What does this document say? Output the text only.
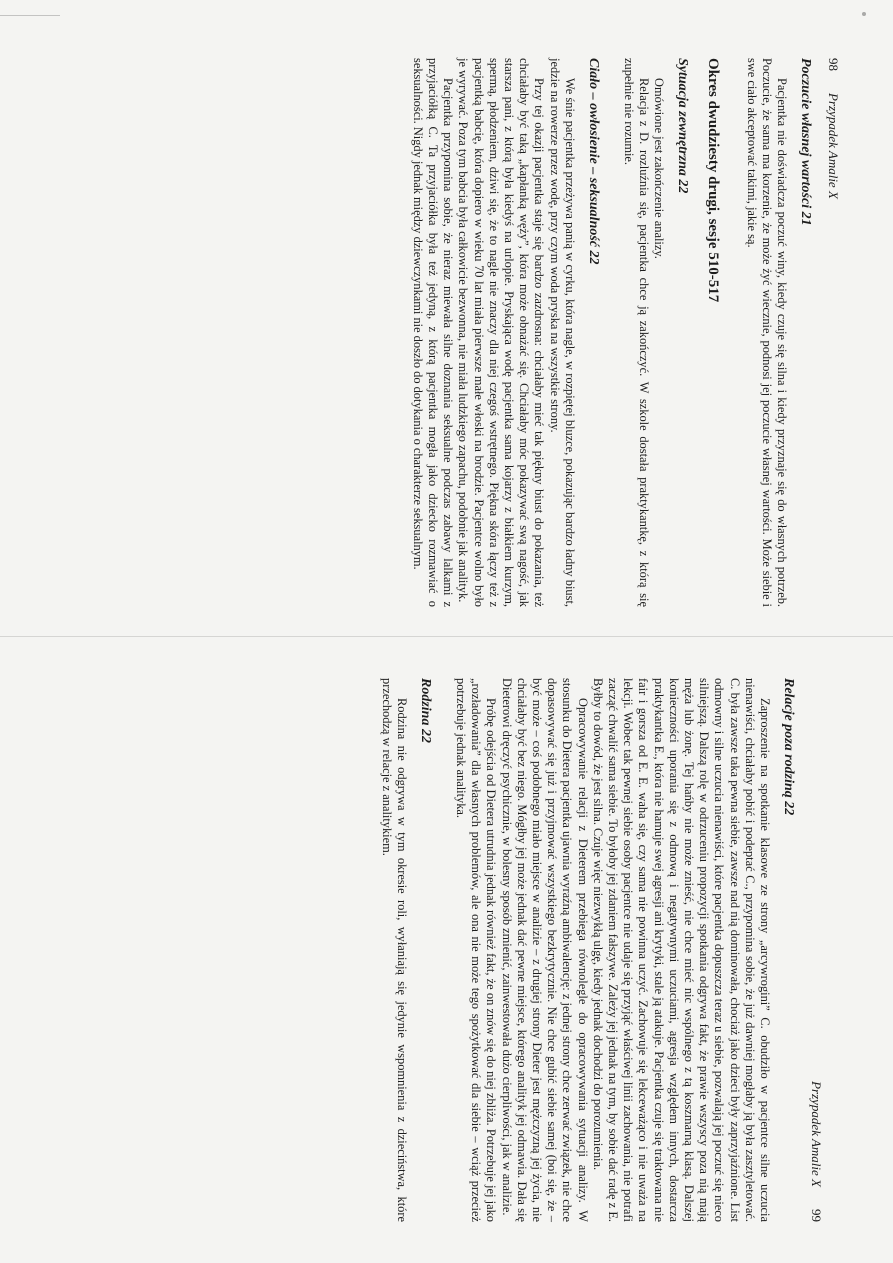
98
Przypadek Amalie X
Poczucie własnej wartości 21

Pacjentka nie doświadcza poczuć winy, kiedy czuje się silna i kiedy przyznaje się do własnych potrzeb. Poczucie, że sama ma korzenie, że może żyć wiecznie, podnosi jej poczucie własnej wartości. Może siebie i swe ciało akceptować takimi, jakie są.

Okres dwudziesty drugi, sesje 510-517
Sytuacja zewnętrzna 22

Omówione jest zakończenie analizy.

Relacja z D. rozluźnia się, pacjentka chce ją zakończyć. W szkole dostała praktykantkę, z którą się zupełnie nie rozumie.

Ciało – owłosienie – seksualność 22

We śnie pacjentka przeżywa panią w cyrku, która nagle, w rozpiętej bluzce, pokazując bardzo ładny biust, jedzie na rowerze przez wodę, przy czym woda pryska na wszystkie strony.

Przy tej okazji pacjentka staje się bardzo zazdrosna: chciałaby mieć tak piękny biust do pokazania, też chciałaby być taką „kapłanką węży”, która może obnażać się. Chciałaby móc pokazywać swą nagość, jak starsza pani, z którą była kiedyś na urlopie. Pryskająca wodę pacjentka sama kojarzy z białkiem kurzym, spermą, płodzeniem, dziwi się, że to nagle nie znaczy dla niej czegoś wstrętnego. Piękna skóra łączy też z pacjentką babcię, która dopiero w wieku 70 lat miała pierwsze małe włoski na brodzie. Pacjentce wolno było je wyrywać. Poza tym babcia była całkowicie bezwonna, nie miała ludzkiego zapachu, podobnie jak analityk.

Pacjentka przypomina sobie, że nieraz miewała silne doznania seksualne podczas zabawy lalkami z przyjaciółką C. Ta przyjaciółka była też jedyną, z którą pacjentka mogła jako dziecko rozmawiać o seksualności. Nigdy jednak między dziewczynkami nie doszło do dotykania o charakterze seksualnym.

Przypadek Amalie X
99
Relacje poza rodziną 22

Zaproszenie na spotkanie klasowe ze strony „arcywrogini” C. obudziło w pacjentce silne uczucia nienawiści, chciałaby pobić i podeptać C., przypomina sobie, że już dawniej mogłaby ją była zasztyletować. C. była zawsze taka pewna siebie, zawsze nad nią dominowała, chociaż jako dzieci były zaprzyjaźnione. List odmowny i silne uczucia nienawiści, które pacjentka dopuszcza teraz u siebie, pozwalają jej poczuć się nieco silniejszą. Dalszą rolę w odrzuceniu propozycji spotkania odgrywa fakt, że prawie wszyscy poza nią mają męża lub żonę. Tej hańby nie może znieść, nie chce mieć nic wspólnego z tą koszmarną klasą. Dalszej konieczności uporania się z odmową i negatywnymi uczuciami, agresja względem innych, dostarcza praktykantka E., która nie hamuje swej agresji ani krytyki, stale ją atakuje. Pacjentka czuje się traktowana nie fair i gorsza od E. E. waha się, czy sama nie powinna uczyć. Zachowuje się lekceważąco i nie uważa na lekcji. Wobec tak pewnej siebie osoby pacjentce nie udaje się przyjąć właściwej linii zachowania, nie potrafi zacząć chwalić sama siebie. To byłoby jej zdaniem fałszywe. Zależy jej jednak na tym, by sobie dać radę z E. Byłby to dowód, że jest silna. Czuje więc niezwykłą ulgę, kiedy jednak dochodzi do porozumienia.

Opracowywanie relacji z Dieterem przebiega równolegle do opracowywania sytuacji analizy. W stosunku do Dietera pacjentka ujawnia wyraźną ambiwalencję: z jednej strony chce zerwać związek, nie chce dopasowywać się już i przyjmować wszystkiego bezkrytycznie. Nie chce gubić siebie samej (boi się, że – być może – coś podobnego miało miejsce w analizie – z drugiej strony Dieter jest mężczyzną jej życia, nie chciałaby być bez niego. Mógłby jej może jednak dać pewne miejsce, którego analityk jej odmawia. Dała się Dieterowi dręczyć psychicznie, w bolesny sposób zmienić, zainwestowała dużo cierpliwości, jak w analizie.

Próbę odejścia od Dietera utrudnia jednak również fakt, że on znów się do niej zbliża. Potrzebuje jej jako „rozładowania” dla własnych problemów, ale ona nie może tego spożytkować dla siebie – wciąż przecież potrzebuje jednak analityka.

Rodzina 22

Rodzina nie odgrywa w tym okresie roli, wyłaniają się jedynie wspomnienia z dzieciństwa, które przechodzą w relacje z analitykiem.
